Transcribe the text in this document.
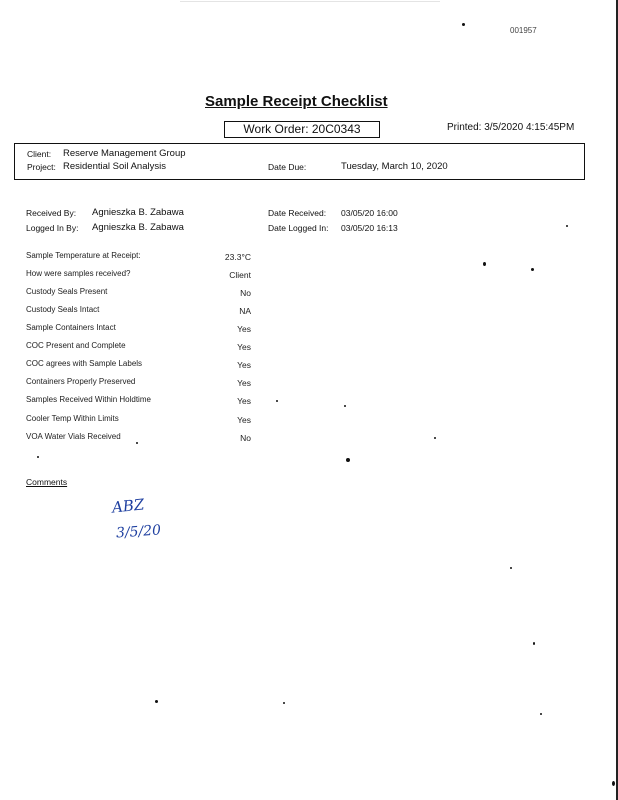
001957
Sample Receipt Checklist
Work Order: 20C0343	Printed: 3/5/2020 4:15:45PM
Client: Reserve Management Group
Project: Residential Soil Analysis	Date Due:	Tuesday, March 10, 2020
Received By: Agnieszka B. Zabawa
Logged In By: Agnieszka B. Zabawa
Date Received: 03/05/20 16:00
Date Logged In: 03/05/20 16:13
Sample Temperature at Receipt:	23.3°C
How were samples received?	Client
Custody Seals Present	No
Custody Seals Intact	NA
Sample Containers Intact	Yes
COC Present and Complete	Yes
COC agrees with Sample Labels	Yes
Containers Properly Preserved	Yes
Samples Received Within Holdtime	Yes
Cooler Temp Within Limits	Yes
VOA Water Vials Received	No
Comments
ABZ
3/5/20
